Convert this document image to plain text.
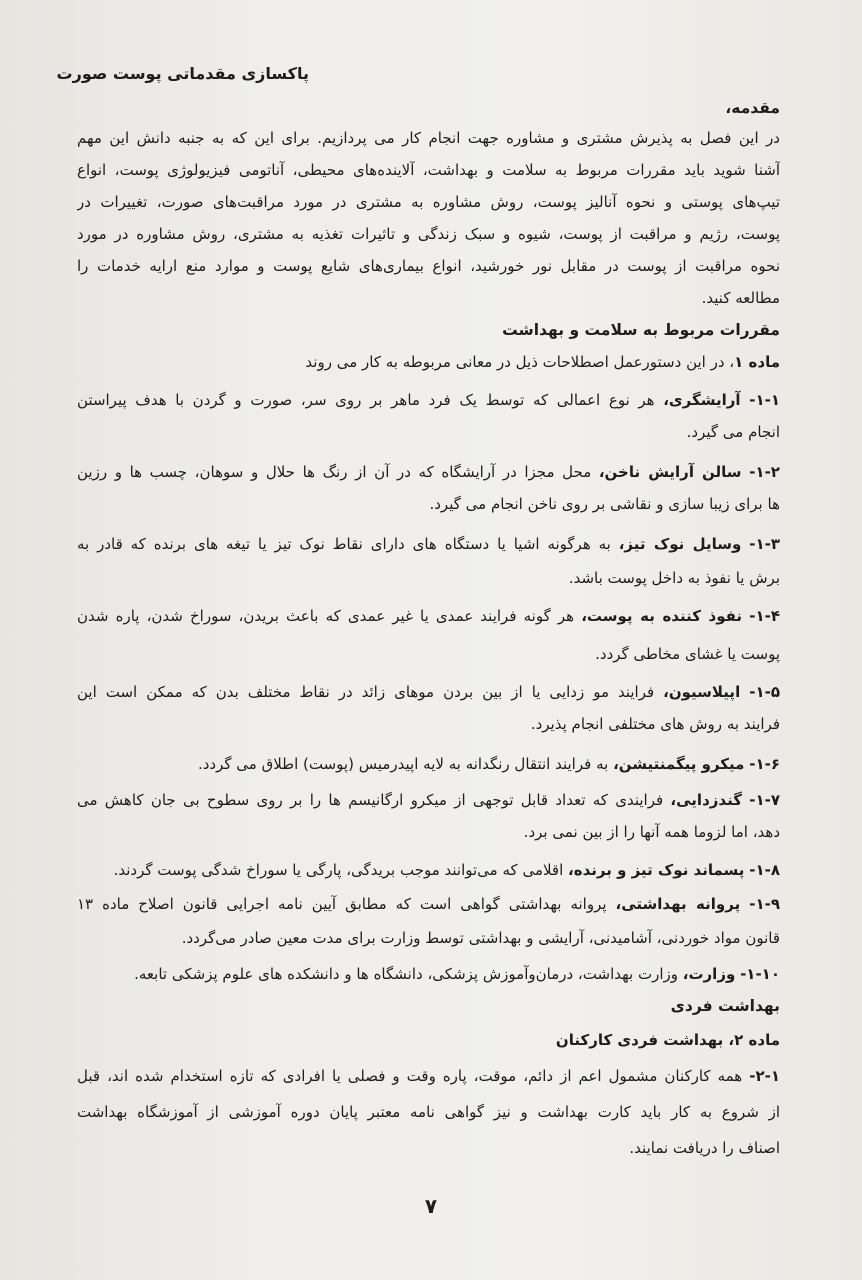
پاکسازی مقدماتی پوست صورت
مقدمه،
در این فصل به پذیرش مشتری و مشاوره جهت انجام کار می پردازیم. برای این که به جنبه دانش این مهم
آشنا شوید باید مقررات مربوط به سلامت و بهداشت، آلاینده‌های محیطی، آناتومی فیزیولوژی پوست، انواع
تیپ‌های پوستی و نحوه آنالیز پوست، روش مشاوره به مشتری در مورد مراقبت‌های صورت، تغییرات در
پوست، رژیم و مراقبت از پوست، شیوه و سبک زندگی و تاثیرات تغذیه به مشتری، روش مشاوره در مورد
نحوه مراقبت از پوست در مقابل نور خورشید، انواع بیماری‌های شایع پوست و موارد منع ارایه خدمات را
مطالعه کنید.
مقررات مربوط به سلامت و بهداشت
ماده ۱، در این دستورعمل اصطلاحات ذیل در معانی مربوطه به کار می روند
۱-۱- آرایشگری، هر نوع اعمالی که توسط یک فرد ماهر بر روی سر، صورت و گردن با هدف پیراستن
انجام می گیرد.
۱-۲- سالن آرایش ناخن، محل مجزا در آرایشگاه که در آن از رنگ ها حلال و سوهان، چسب ها و رزین
ها برای زیبا سازی و نقاشی بر روی ناخن انجام می گیرد.
۱-۳- وسایل نوک تیز، به هرگونه اشیا یا دستگاه های دارای نقاط نوک تیز یا تیغه های برنده که قادر به
برش یا نفوذ به داخل پوست باشد.
۱-۴- نفوذ کننده به پوست، هر گونه فرایند عمدی یا غیر عمدی که باعث بریدن، سوراخ شدن، پاره شدن
پوست یا غشای مخاطی گردد.
۱-۵- اپیلاسیون، فرایند مو زدایی یا از بین بردن موهای زائد در نقاط مختلف بدن که ممکن است این
فرایند به روش های مختلفی انجام پذیرد.
۱-۶- میکرو پیگمنتیشن، به فرایند انتقال رنگدانه به لایه اپیدرمیس (پوست) اطلاق می گردد.
۱-۷- گندزدایی، فرایندی که تعداد قابل توجهی از میکرو ارگانیسم ها را بر روی سطوح بی جان کاهش می
دهد، اما لزوما همه آنها را از بین نمی برد.
۱-۸- پسماند نوک تیز و برنده، اقلامی که می‌توانند موجب بریدگی، پارگی یا سوراخ شدگی پوست گردند.
۱-۹- پروانه بهداشتی، پروانه بهداشتی گواهی است که مطابق آیین نامه اجرایی قانون اصلاح ماده ۱۳
قانون مواد خوردنی، آشامیدنی، آرایشی و بهداشتی توسط وزارت برای مدت معین صادر می‌گردد.
۱-۱۰- وزارت، وزارت بهداشت، درمان‌وآموزش پزشکی، دانشگاه ها و دانشکده های علوم پزشکی تابعه.
بهداشت فردی
ماده ۲، بهداشت فردی کارکنان
۲-۱- همه کارکنان مشمول اعم از دائم، موقت، پاره وقت و فصلی یا افرادی که تازه استخدام شده اند، قبل
از شروع به کار باید کارت بهداشت و نیز گواهی نامه معتبر پایان دوره آموزشی از آموزشگاه بهداشت
اصناف را دریافت نمایند.
۷
